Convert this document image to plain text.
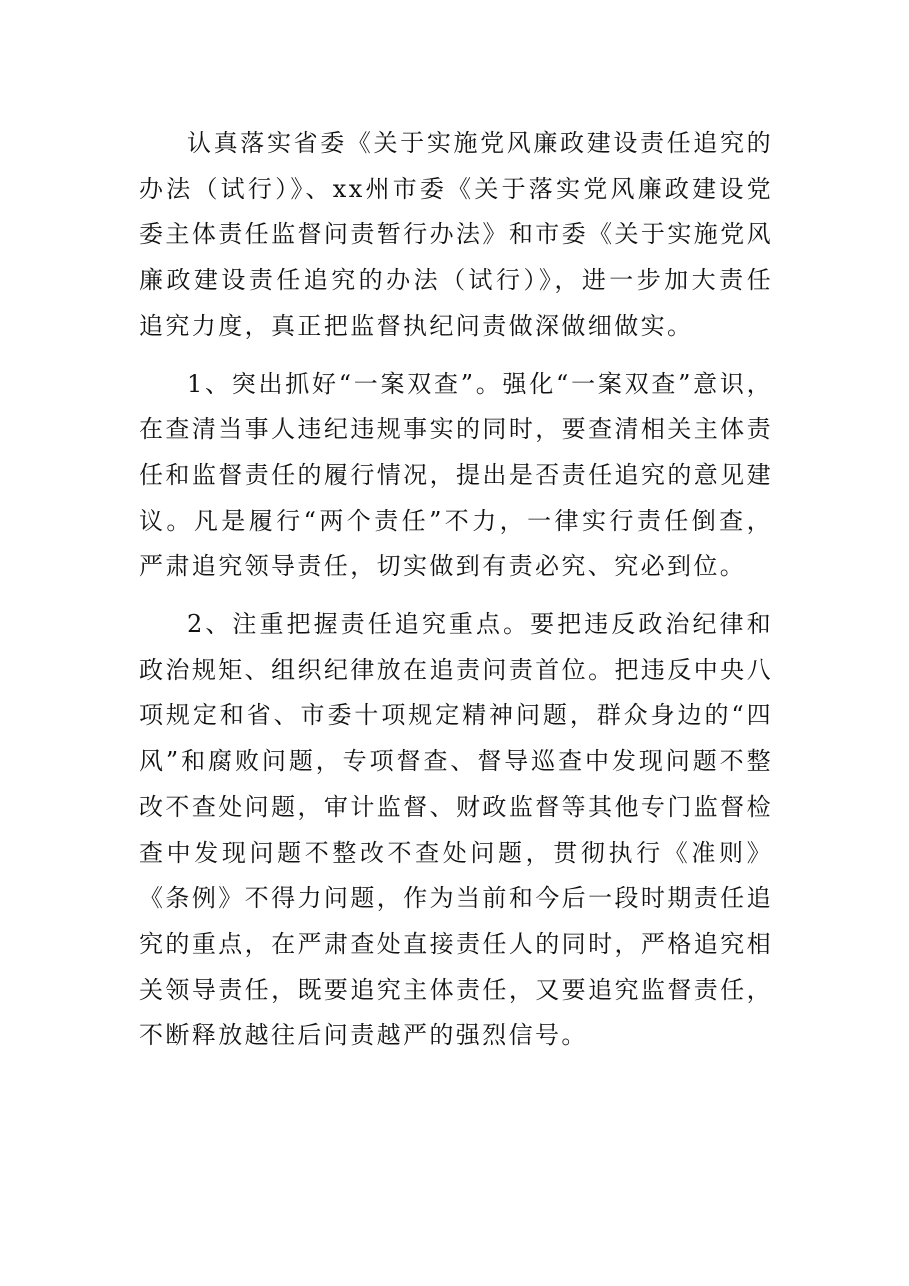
认真落实省委《关于实施党风廉政建设责任追究的办法（试行）》、xx州市委《关于落实党风廉政建设党委主体责任监督问责暂行办法》和市委《关于实施党风廉政建设责任追究的办法（试行）》，进一步加大责任追究力度，真正把监督执纪问责做深做细做实。

1、突出抓好“一案双查”。强化“一案双查”意识，在查清当事人违纪违规事实的同时，要查清相关主体责任和监督责任的履行情况，提出是否责任追究的意见建议。凡是履行“两个责任”不力，一律实行责任倒查，严肃追究领导责任，切实做到有责必究、究必到位。

2、注重把握责任追究重点。要把违反政治纪律和政治规矩、组织纪律放在追责问责首位。把违反中央八项规定和省、市委十项规定精神问题，群众身边的“四风”和腐败问题，专项督查、督导巡查中发现问题不整改不查处问题，审计监督、财政监督等其他专门监督检查中发现问题不整改不查处问题，贯彻执行《准则》《条例》不得力问题，作为当前和今后一段时期责任追究的重点，在严肃查处直接责任人的同时，严格追究相关领导责任，既要追究主体责任，又要追究监督责任，不断释放越往后问责越严的强烈信号。
